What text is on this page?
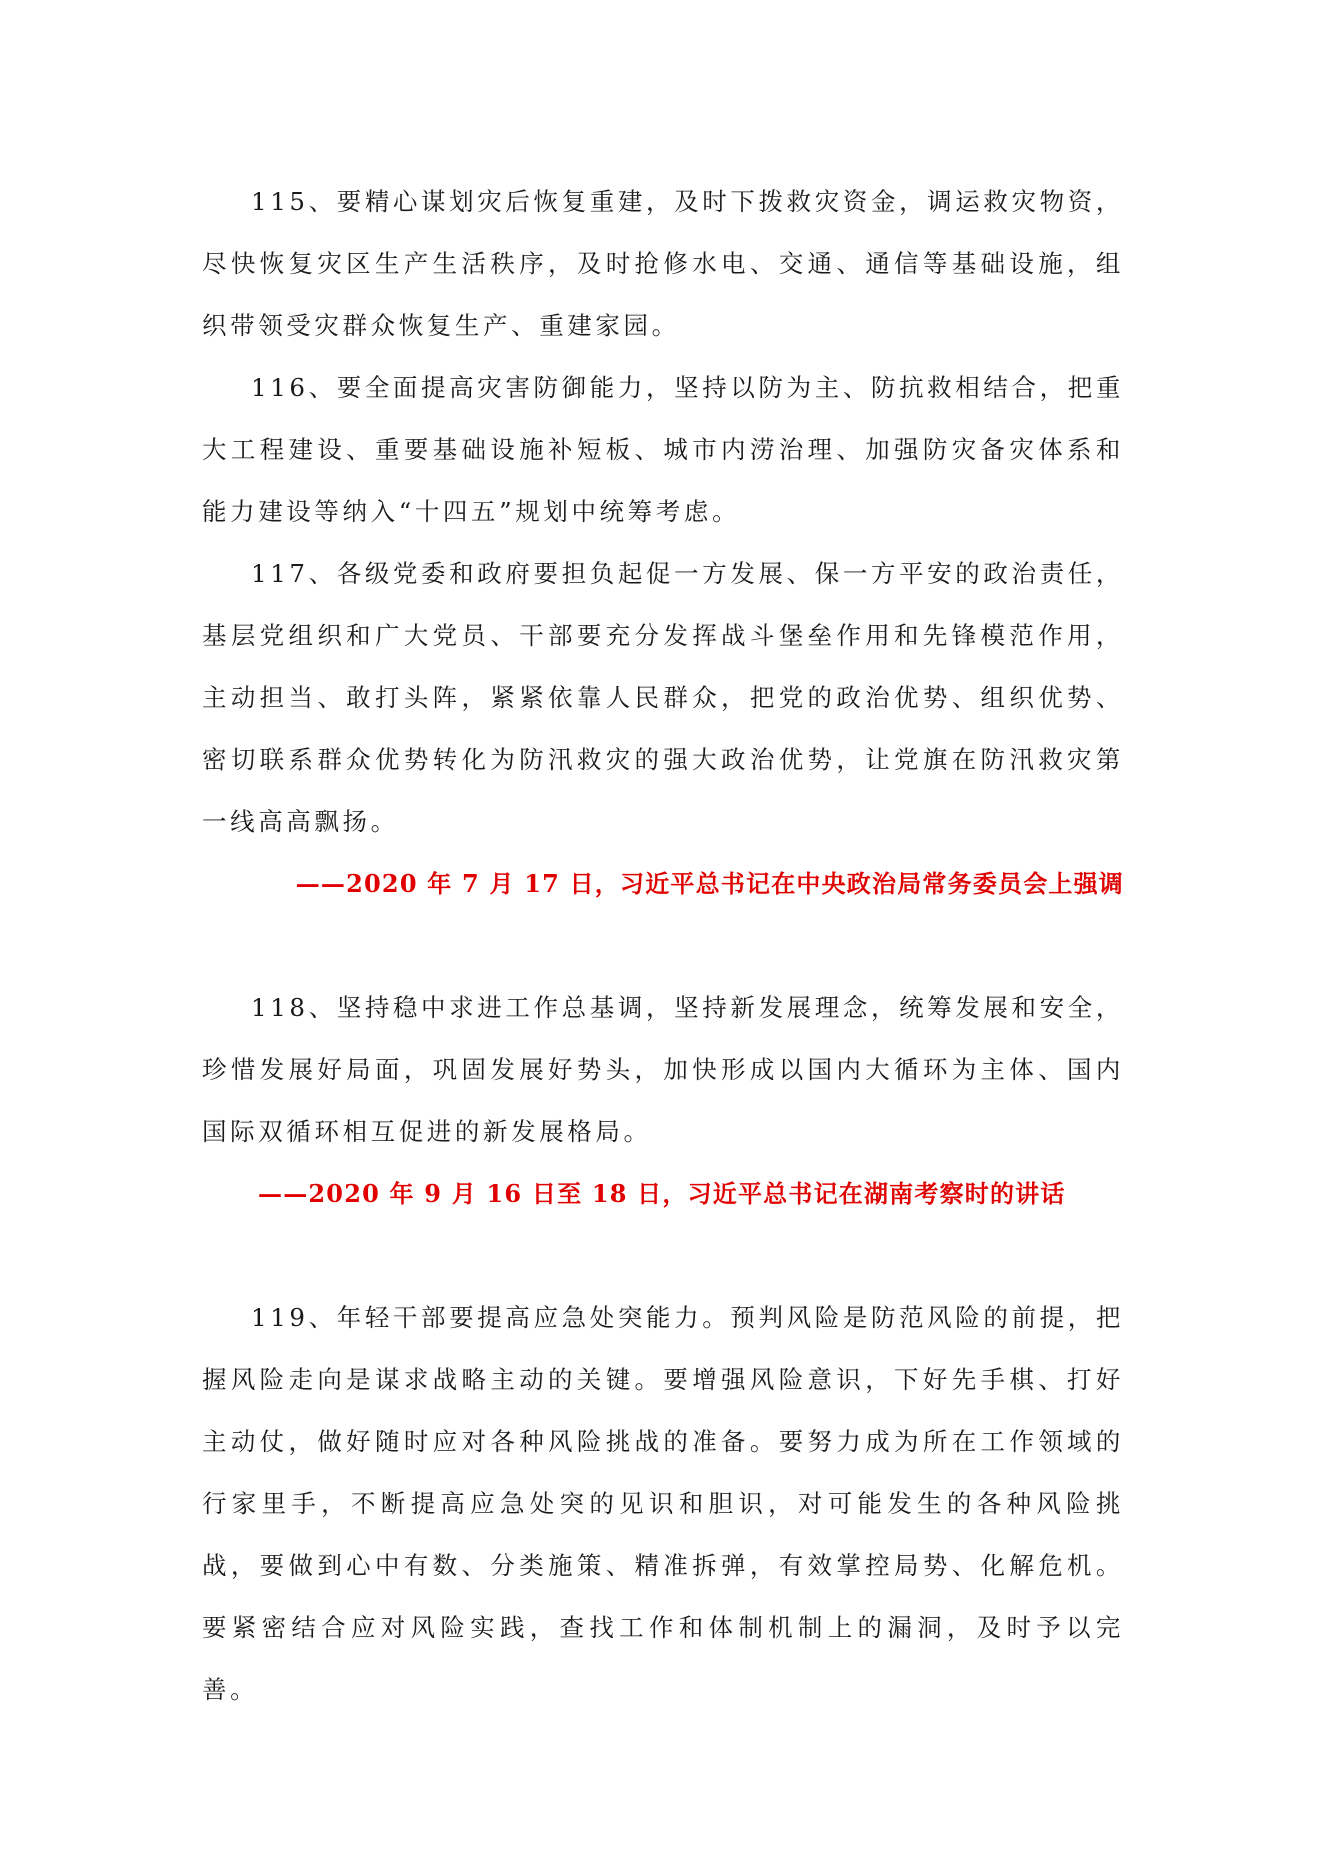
115、要精心谋划灾后恢复重建，及时下拨救灾资金，调运救灾物资，尽快恢复灾区生产生活秩序，及时抢修水电、交通、通信等基础设施，组织带领受灾群众恢复生产、重建家园。

116、要全面提高灾害防御能力，坚持以防为主、防抗救相结合，把重大工程建设、重要基础设施补短板、城市内涝治理、加强防灾备灾体系和能力建设等纳入“十四五”规划中统筹考虑。

117、各级党委和政府要担负起促一方发展、保一方平安的政治责任，基层党组织和广大党员、干部要充分发挥战斗堡垒作用和先锋模范作用，主动担当、敢打头阵，紧紧依靠人民群众，把党的政治优势、组织优势、密切联系群众优势转化为防汛救灾的强大政治优势，让党旗在防汛救灾第一线高高飘扬。

——2020 年 7 月 17 日，习近平总书记在中央政治局常务委员会上强调

118、坚持稳中求进工作总基调，坚持新发展理念，统筹发展和安全，珍惜发展好局面，巩固发展好势头，加快形成以国内大循环为主体、国内国际双循环相互促进的新发展格局。

——2020 年 9 月 16 日至 18 日，习近平总书记在湖南考察时的讲话

119、年轻干部要提高应急处突能力。预判风险是防范风险的前提，把握风险走向是谋求战略主动的关键。要增强风险意识，下好先手棋、打好主动仗，做好随时应对各种风险挑战的准备。要努力成为所在工作领域的行家里手，不断提高应急处突的见识和胆识，对可能发生的各种风险挑战，要做到心中有数、分类施策、精准拆弹，有效掌控局势、化解危机。要紧密结合应对风险实践，查找工作和体制机制上的漏洞，及时予以完善。
